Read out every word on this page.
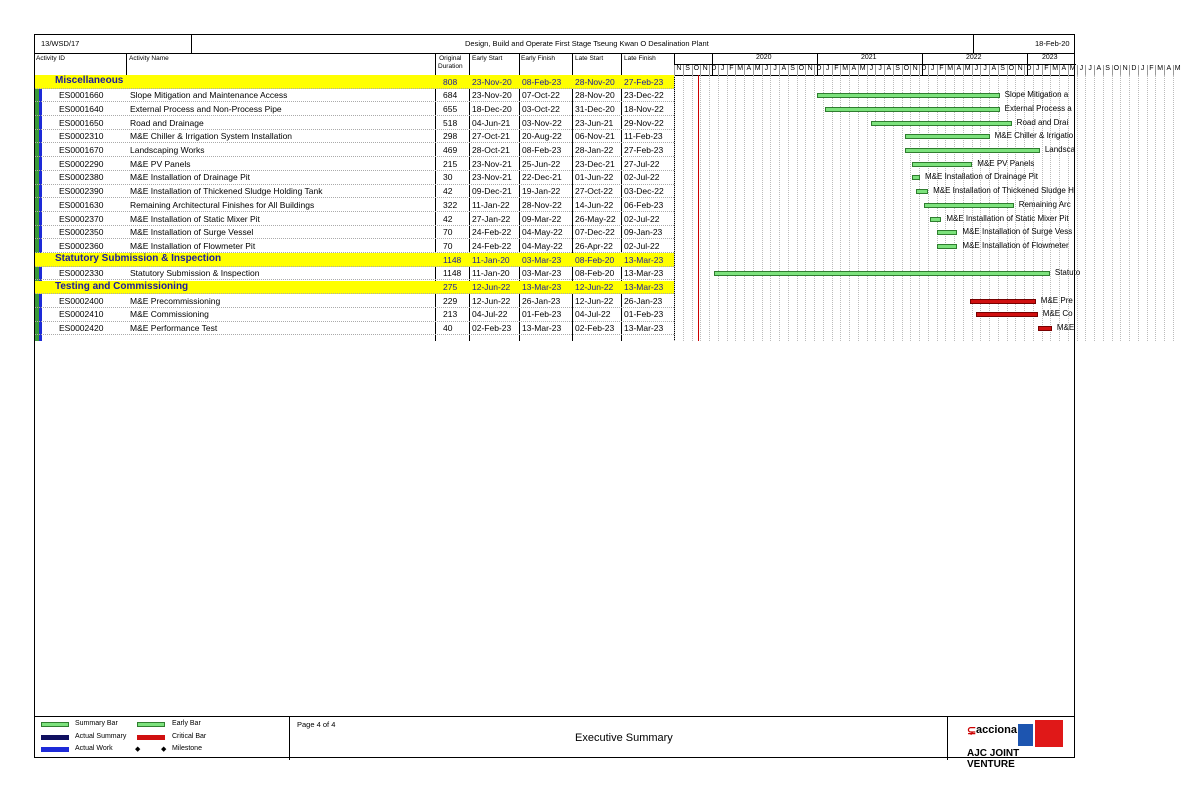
13/WSD/17	Design, Build and Operate First Stage Tseung Kwan O Desalination Plant	18-Feb-20
Activity ID	Activity Name	Original
Duration
Early Start	Early Finish	Late Start	Late Finish	2020	2021	2022	2023
N S O N D J F M A M J J A S O N D J F M A M J J A S O N D J F M A M J J A S O N D J F M A M J J A S O N D J F M A M
Miscellaneous	808 23-Nov-20 08-Feb-23 28-Nov-20 27-Feb-23
ES0001660	Slope Mitigation and Maintenance Access	684 23-Nov-20 07-Oct-22 28-Nov-20 23-Dec-22
ES0001640	External Process and Non-Process Pipe	655 18-Dec-20 03-Oct-22 31-Dec-20 18-Nov-22
ES0001650	Road and Drainage	518 04-Jun-21 03-Nov-22 23-Jun-21 29-Nov-22
ES0002310	M&E Chiller & Irrigation System Installation	298 27-Oct-21 20-Aug-22 06-Nov-21 11-Feb-23
ES0001670	Landscaping Works	469 28-Oct-21 08-Feb-23 28-Jan-22 27-Feb-23
ES0002290	M&E PV Panels	215 23-Nov-21 25-Jun-22 23-Dec-21 27-Jul-22
ES0002380	M&E Installation of Drainage Pit	30 23-Nov-21 22-Dec-21 01-Jun-22 02-Jul-22
ES0002390	M&E Installation of Thickened Sludge Holding Tank	42 09-Dec-21 19-Jan-22 27-Oct-22 03-Dec-22
ES0001630	Remaining Architectural Finishes for All Buildings	322 11-Jan-22 28-Nov-22 14-Jun-22 06-Feb-23
ES0002370	M&E Installation of Static Mixer Pit	42 27-Jan-22 09-Mar-22 26-May-22 02-Jul-22
ES0002350	M&E Installation of Surge Vessel	70 24-Feb-22 04-May-22 07-Dec-22 09-Jan-23
ES0002360	M&E Installation of Flowmeter Pit	70 24-Feb-22 04-May-22 26-Apr-22 02-Jul-22
Statutory Submission & Inspection	1148 11-Jan-20 03-Mar-23 08-Feb-20 13-Mar-23
ES0002330	Statutory Submission & Inspection	1148 11-Jan-20 03-Mar-23 08-Feb-20 13-Mar-23
Testing and Commissioning	275 12-Jun-22 13-Mar-23 12-Jun-22 13-Mar-23
ES0002400	M&E Precommissioning	229 12-Jun-22 26-Jan-23 12-Jun-22 26-Jan-23
ES0002410	M&E Commissioning	213 04-Jul-22 01-Feb-23 04-Jul-22 01-Feb-23
ES0002420	M&E Performance Test	40 02-Feb-23 13-Mar-23 02-Feb-23 13-Mar-23
Slope Mitigation a
External Process a
Road and Drai
M&E Chiller & Irrigatio
Landsca
M&E PV Panels
M&E Installation of Drainage Pit
M&E Installation of Thickened Sludge H
Remaining Arc
M&E Installation of Static Mixer Pit
M&E Installation of Surge Vess
M&E Installation of Flowmeter
Statuto
M&E Pre
M&E Co
M&E
Summary Bar	Early Bar
Actual Summary	Critical Bar
Actual Work	◆	◆ Milestone
Page 4 of 4
Executive Summary
⊊ acciona
AJC JOINT VENTURE
